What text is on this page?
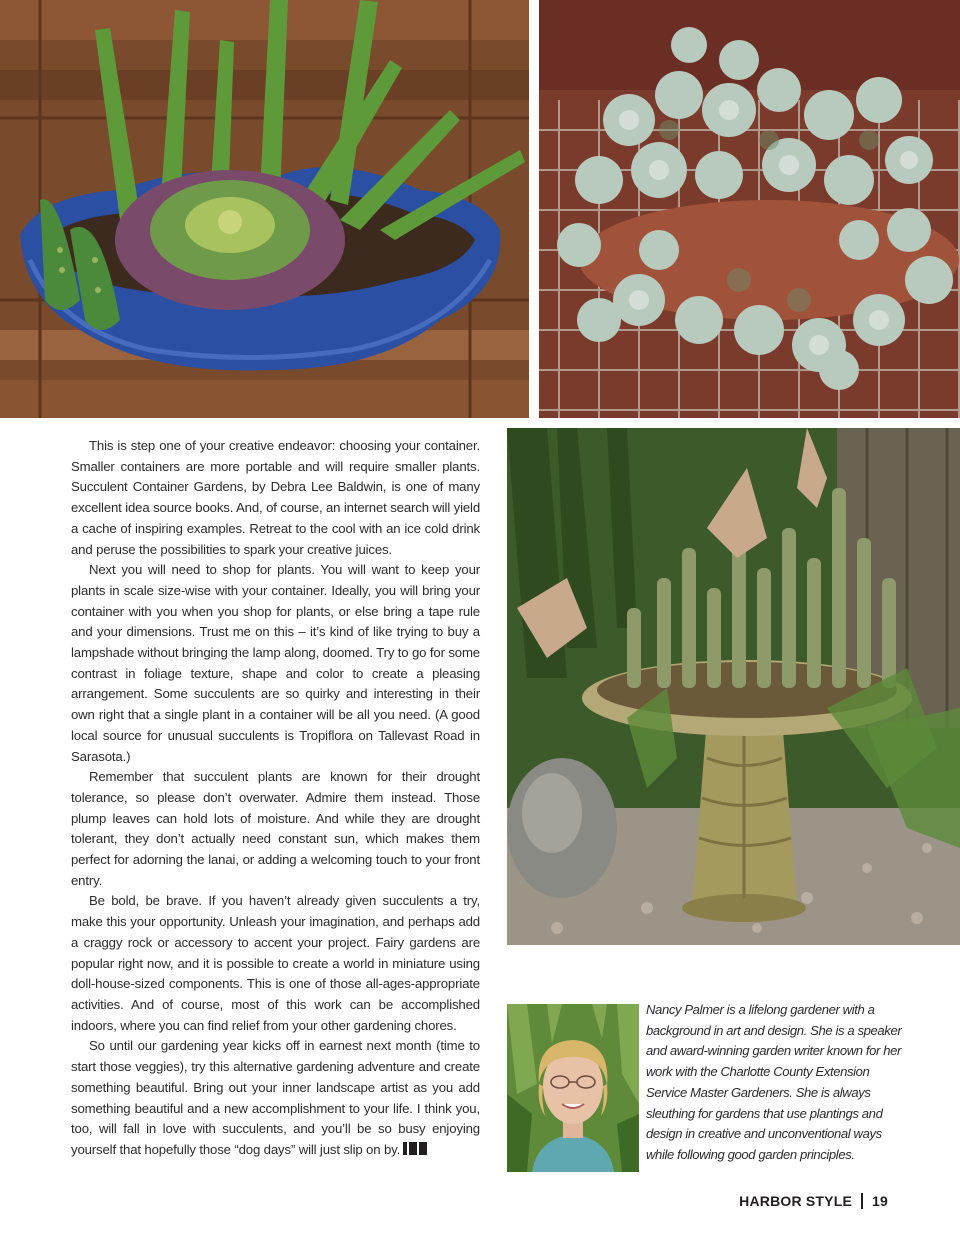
This is step one of your creative endeavor: choosing your container. Smaller containers are more portable and will require smaller plants. Succulent Container Gardens, by Debra Lee Baldwin, is one of many excellent idea source books. And, of course, an internet search will yield a cache of inspiring examples. Retreat to the cool with an ice cold drink and peruse the possibilities to spark your creative juices.

Next you will need to shop for plants. You will want to keep your plants in scale size-wise with your container. Ideally, you will bring your container with you when you shop for plants, or else bring a tape rule and your dimensions. Trust me on this – it’s kind of like trying to buy a lampshade without bringing the lamp along, doomed. Try to go for some contrast in foliage texture, shape and color to create a pleasing arrangement. Some succulents are so quirky and interesting in their own right that a single plant in a container will be all you need. (A good local source for unusual succulents is Tropiflora on Tallevast Road in Sarasota.)

Remember that succulent plants are known for their drought tolerance, so please don’t overwater. Admire them instead. Those plump leaves can hold lots of moisture. And while they are drought tolerant, they don’t actually need constant sun, which makes them perfect for adorning the lanai, or adding a welcoming touch to your front entry.

Be bold, be brave. If you haven’t already given succulents a try, make this your opportunity. Unleash your imagination, and perhaps add a craggy rock or accessory to accent your project. Fairy gardens are popular right now, and it is possible to create a world in miniature using doll-house-sized components. This is one of those all-ages-appropriate activities. And of course, most of this work can be accomplished indoors, where you can find relief from your other gardening chores.

So until our gardening year kicks off in earnest next month (time to start those veggies), try this alternative gardening adventure and create something beautiful. Bring out your inner landscape artist as you add something beautiful and a new accomplishment to your life. I think you, too, will fall in love with succulents, and you’ll be so busy enjoying yourself that hopefully those “dog days” will just slip on by.

Nancy Palmer is a lifelong gardener with a background in art and design. She is a speaker and award-winning garden writer known for her work with the Charlotte County Extension Service Master Gardeners. She is always sleuthing for gardens that use plantings and design in creative and unconventional ways while following good garden principles.

HARBOR STYLE 19
